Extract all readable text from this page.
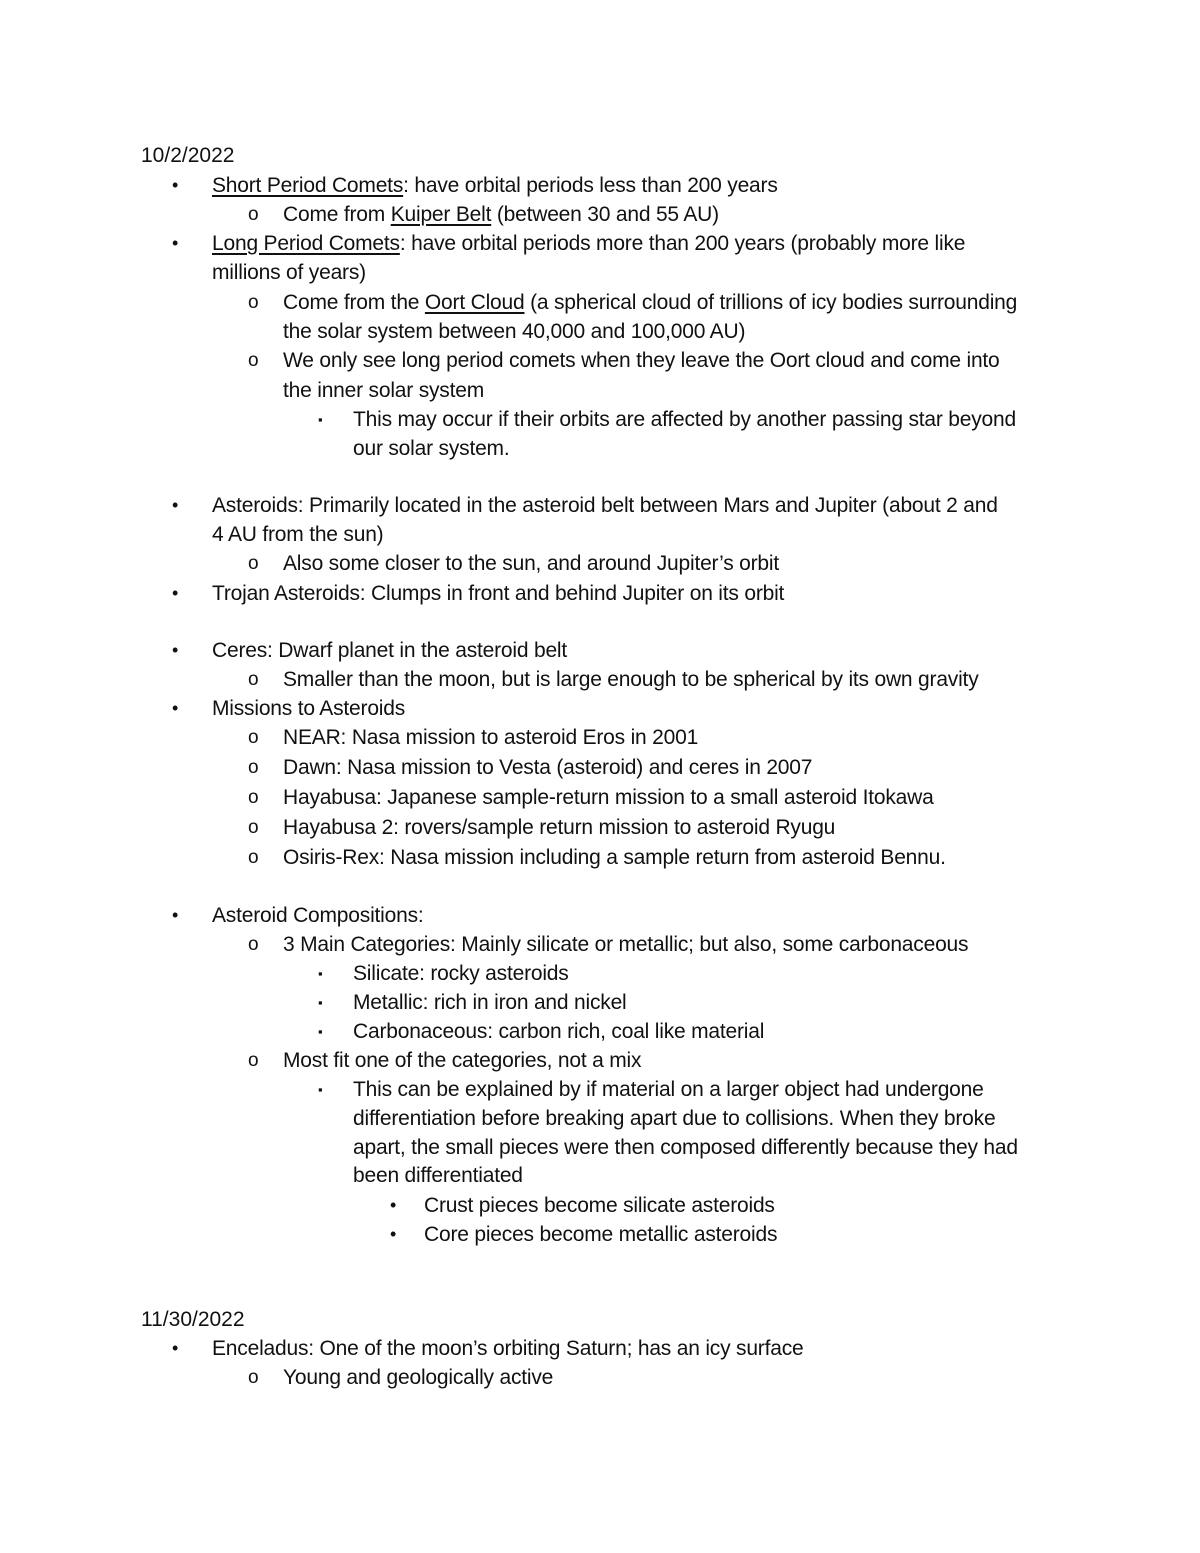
10/2/2022
• Short Period Comets: have orbital periods less than 200 years
o Come from Kuiper Belt (between 30 and 55 AU)
• Long Period Comets: have orbital periods more than 200 years (probably more like
millions of years)
o Come from the Oort Cloud (a spherical cloud of trillions of icy bodies surrounding
the solar system between 40,000 and 100,000 AU)
o We only see long period comets when they leave the Oort cloud and come into
the inner solar system
▪ This may occur if their orbits are affected by another passing star beyond
our solar system.
• Asteroids: Primarily located in the asteroid belt between Mars and Jupiter (about 2 and
4 AU from the sun)
o Also some closer to the sun, and around Jupiter’s orbit
• Trojan Asteroids: Clumps in front and behind Jupiter on its orbit
• Ceres: Dwarf planet in the asteroid belt
o Smaller than the moon, but is large enough to be spherical by its own gravity
• Missions to Asteroids
o NEAR: Nasa mission to asteroid Eros in 2001
o Dawn: Nasa mission to Vesta (asteroid) and ceres in 2007
o Hayabusa: Japanese sample-return mission to a small asteroid Itokawa
o Hayabusa 2: rovers/sample return mission to asteroid Ryugu
o Osiris-Rex: Nasa mission including a sample return from asteroid Bennu.
• Asteroid Compositions:
o 3 Main Categories: Mainly silicate or metallic; but also, some carbonaceous
▪ Silicate: rocky asteroids
▪ Metallic: rich in iron and nickel
▪ Carbonaceous: carbon rich, coal like material
o Most fit one of the categories, not a mix
▪ This can be explained by if material on a larger object had undergone
differentiation before breaking apart due to collisions. When they broke
apart, the small pieces were then composed differently because they had
been differentiated
• Crust pieces become silicate asteroids
• Core pieces become metallic asteroids
11/30/2022
• Enceladus: One of the moon’s orbiting Saturn; has an icy surface
o Young and geologically active
